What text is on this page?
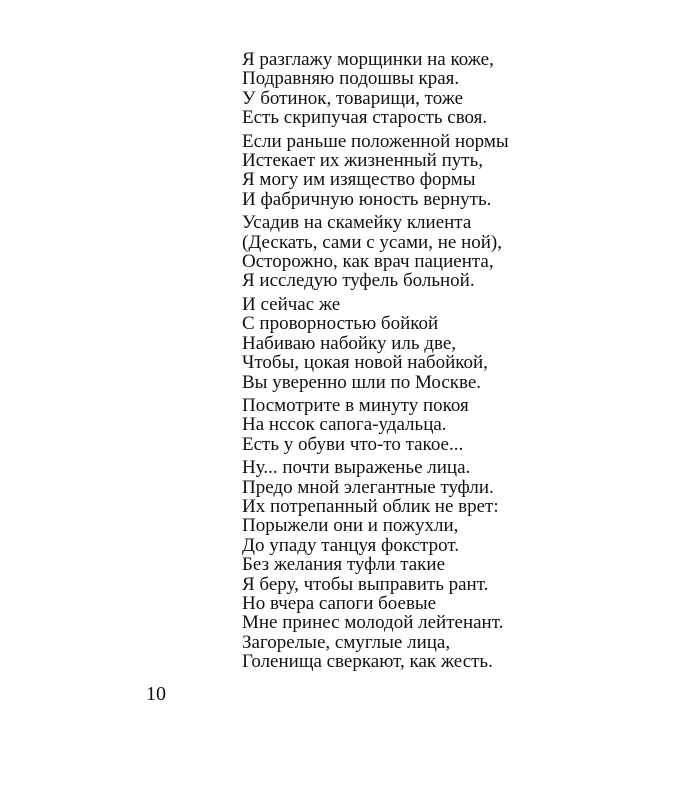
Я разглажу морщинки на коже,
Подравняю подошвы края.
У ботинок, товарищи, тоже
Есть скрипучая старость своя.
Если раньше положенной нормы
Истекает их жизненный путь,
Я могу им изящество формы
И фабричную юность вернуть.
Усадив на скамейку клиента
(Дескать, сами с усами, не ной),
Осторожно, как врач пациента,
Я исследую туфель больной.
И сейчас же
С проворностью бойкой
Набиваю набойку иль две,
Чтобы, цокая новой набойкой,
Вы уверенно шли по Москве.
Посмотрите в минуту покоя
На нсcок сапога-удальца.
Есть у обуви что-то такое...
Ну... почти выраженье лица.
Предо мной элегантные туфли.
Их потрепанный облик не врет:
Порыжели они и пожухли,
До упаду танцуя фокстрот.
Без желания туфли такие
Я беру, чтобы выправить рант.
Но вчера сапоги боевые
Мне принес молодой лейтенант.
Загорелые, смуглые лица,
Голенища сверкают, как жесть.
10
